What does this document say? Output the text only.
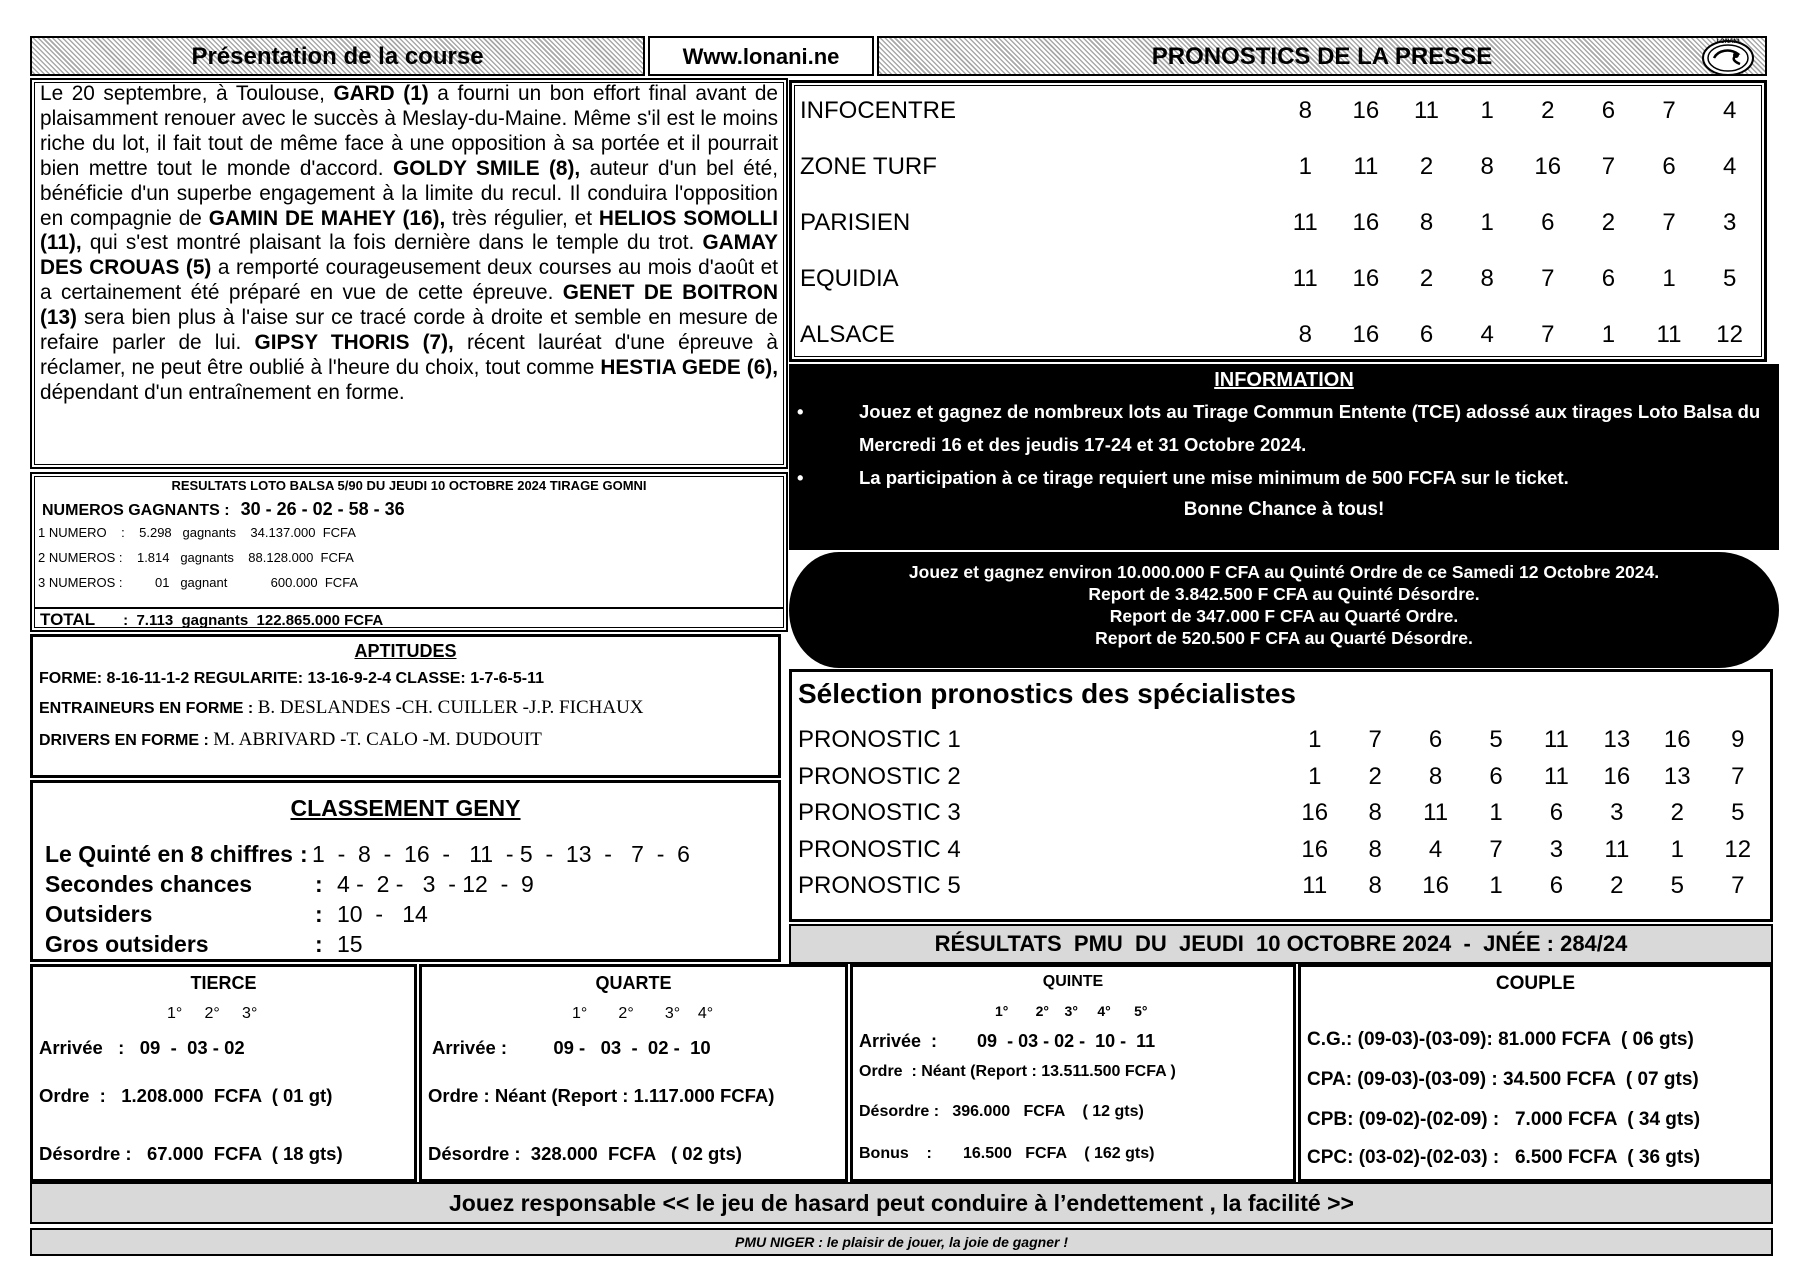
Présentation de la course	Www.lonani.ne	PRONOSTICS DE LA PRESSE
LONANI
Le 20 septembre, à Toulouse, GARD (1) a fourni un bon effort final avant de plaisamment renouer avec le succès à Meslay-du-Maine. Même s'il est le moins riche du lot, il fait tout de même face à une opposition à sa portée et il pourrait bien mettre tout le monde d'accord. GOLDY SMILE (8), auteur d'un bel été, bénéficie d'un superbe engagement à la limite du recul. Il conduira l'opposition en compagnie de GAMIN DE MAHEY (16), très régulier, et HELIOS SOMOLLI (11), qui s'est montré plaisant la fois dernière dans le temple du trot. GAMAY DES CROUAS (5) a remporté courageusement deux courses au mois d'août et a certainement été préparé en vue de cette épreuve. GENET DE BOITRON (13) sera bien plus à l'aise sur ce tracé corde à droite et semble en mesure de refaire parler de lui. GIPSY THORIS (7), récent lauréat d'une épreuve à réclamer, ne peut être oublié à l'heure du choix, tout comme HESTIA GEDE (6), dépendant d'un entraînement en forme.
INFOCENTRE	8	16	11	1	2	6	7	4
ZONE TURF	1	11	2	8	16	7	6	4
PARISIEN	11	16	8	1	6	2	7	3
EQUIDIA	11	16	2	8	7	6	1	5
ALSACE	8	16	6	4	7	1	11	12
RESULTATS LOTO BALSA 5/90 DU JEUDI 10 OCTOBRE 2024 TIRAGE GOMNI
NUMEROS GAGNANTS : 30 - 26 - 02 - 58 - 36
1 NUMERO    :    5.298   gagnants    34.137.000  FCFA
2 NUMEROS :    1.814   gagnants    88.128.000  FCFA
3 NUMEROS :         01   gagnant            600.000  FCFA
TOTAL :  7.113  gagnants  122.865.000 FCFA
APTITUDES
FORME: 8-16-11-1-2 REGULARITE: 13-16-9-2-4 CLASSE: 1-7-6-5-11
ENTRAINEURS EN FORME : B. DESLANDES -CH. CUILLER -J.P. FICHAUX
DRIVERS EN FORME : M. ABRIVARD -T. CALO -M. DUDOUIT
CLASSEMENT GENY
Le Quinté en 8 chiffres : 1  -  8  -  16  -   11  - 5  -  13  -   7  -  6
Secondes chances	: 4 -  2 -   3  - 12  -  9
Outsiders	: 10  -   14
Gros outsiders	: 15
INFORMATION
•	Jouez et gagnez de nombreux lots au Tirage Commun Entente (TCE) adossé aux tirages Loto Balsa du Mercredi 16 et des jeudis 17-24 et 31 Octobre 2024.
•	La participation à ce tirage requiert une mise minimum de 500 FCFA sur le ticket.
Bonne Chance à tous!
Jouez et gagnez environ 10.000.000 F CFA au Quinté Ordre de ce Samedi 12 Octobre 2024.
Report de 3.842.500 F CFA au Quinté Désordre.
Report de 347.000 F CFA au Quarté Ordre.
Report de 520.500 F CFA au Quarté Désordre.
Sélection pronostics des spécialistes
PRONOSTIC 1	1	7	6	5	11	13	16	9
PRONOSTIC 2	1	2	8	6	11	16	13	7
PRONOSTIC 3	16	8	11	1	6	3	2	5
PRONOSTIC 4	16	8	4	7	3	11	1	12
PRONOSTIC 5	11	8	16	1	6	2	5	7
RÉSULTATS  PMU  DU  JEUDI  10 OCTOBRE 2024  -  JNÉE : 284/24
TIERCE
1°     2°     3°
Arrivée   :   09  -  03 - 02
Ordre  :   1.208.000  FCFA  ( 01 gt)
Désordre :   67.000  FCFA  ( 18 gts)
QUARTE
1°       2°       3°    4°
Arrivée :         09 -   03  -  02 -  10
Ordre : Néant (Report : 1.117.000 FCFA)
Désordre :  328.000  FCFA   ( 02 gts)
QUINTE
1°       2°    3°     4°      5°
Arrivée  :        09  - 03 - 02 -  10 -  11
Ordre  : Néant (Report : 13.511.500 FCFA )
Désordre :   396.000   FCFA    ( 12 gts)
Bonus    :       16.500   FCFA    ( 162 gts)
COUPLE
C.G.: (09-03)-(03-09): 81.000 FCFA  ( 06 gts)
CPA: (09-03)-(03-09) : 34.500 FCFA  ( 07 gts)
CPB: (09-02)-(02-09) :   7.000 FCFA  ( 34 gts)
CPC: (03-02)-(02-03) :   6.500 FCFA  ( 36 gts)
Jouez responsable << le jeu de hasard peut conduire à l’endettement , la facilité >>
PMU NIGER : le plaisir de jouer, la joie de gagner !
